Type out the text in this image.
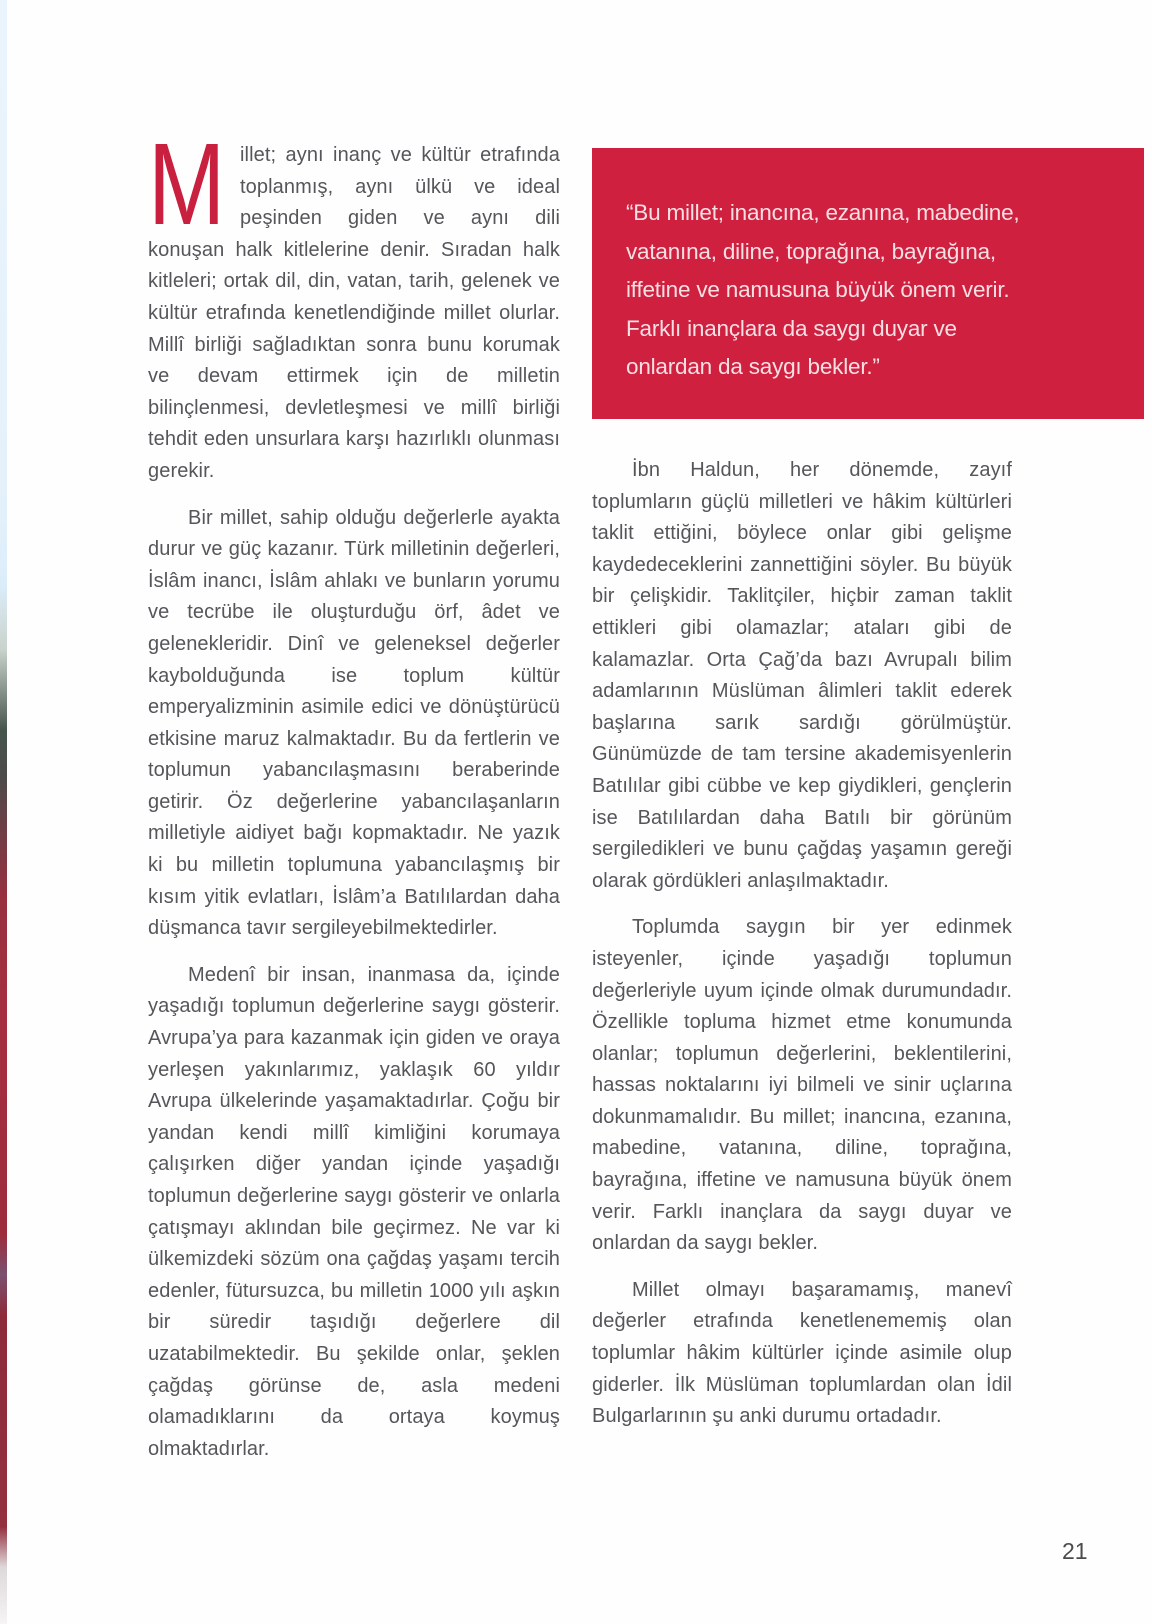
Millet; aynı inanç ve kültür etrafında toplanmış, aynı ülkü ve ideal peşinden giden ve aynı dili konuşan halk kitlelerine denir. Sıradan halk kitleleri; ortak dil, din, vatan, tarih, gelenek ve kültür etrafında kenetlendiğinde millet olurlar. Millî birliği sağladıktan sonra bunu korumak ve devam ettirmek için de milletin bilinçlenmesi, devletleşmesi ve millî birliği tehdit eden unsurlara karşı hazırlıklı olunması gerekir.

Bir millet, sahip olduğu değerlerle ayakta durur ve güç kazanır. Türk milletinin değerleri, İslâm inancı, İslâm ahlakı ve bunların yorumu ve tecrübe ile oluşturduğu örf, âdet ve gelenekleridir. Dinî ve geleneksel değerler kaybolduğunda ise toplum kültür emperyalizminin asimile edici ve dönüştürücü etkisine maruz kalmaktadır. Bu da fertlerin ve toplumun yabancılaşmasını beraberinde getirir. Öz değerlerine yabancılaşanların milletiyle aidiyet bağı kopmaktadır. Ne yazık ki bu milletin toplumuna yabancılaşmış bir kısım yitik evlatları, İslâm’a Batılılardan daha düşmanca tavır sergileyebilmektedirler.

Medenî bir insan, inanmasa da, içinde yaşadığı toplumun değerlerine saygı gösterir. Avrupa’ya para kazanmak için giden ve oraya yerleşen yakınlarımız, yaklaşık 60 yıldır Avrupa ülkelerinde yaşamaktadırlar. Çoğu bir yandan kendi millî kimliğini korumaya çalışırken diğer yandan içinde yaşadığı toplumun değerlerine saygı gösterir ve onlarla çatışmayı aklından bile geçirmez. Ne var ki ülkemizdeki sözüm ona çağdaş yaşamı tercih edenler, fütursuzca, bu milletin 1000 yılı aşkın bir süredir taşıdığı değerlere dil uzatabilmektedir. Bu şekilde onlar, şeklen çağdaş görünse de, asla medeni olamadıklarını da ortaya koymuş olmaktadırlar.

“Bu millet; inancına, ezanına, mabedine, vatanına, diline, toprağına, bayrağına, iffetine ve namusuna büyük önem verir. Farklı inançlara da saygı duyar ve onlardan da saygı bekler.”

İbn Haldun, her dönemde, zayıf toplumların güçlü milletleri ve hâkim kültürleri taklit ettiğini, böylece onlar gibi gelişme kaydedeceklerini zannettiğini söyler. Bu büyük bir çelişkidir. Taklitçiler, hiçbir zaman taklit ettikleri gibi olamazlar; ataları gibi de kalamazlar. Orta Çağ’da bazı Avrupalı bilim adamlarının Müslüman âlimleri taklit ederek başlarına sarık sardığı görülmüştür. Günümüzde de tam tersine akademisyenlerin Batılılar gibi cübbe ve kep giydikleri, gençlerin ise Batılılardan daha Batılı bir görünüm sergiledikleri ve bunu çağdaş yaşamın gereği olarak gördükleri anlaşılmaktadır.

Toplumda saygın bir yer edinmek isteyenler, içinde yaşadığı toplumun değerleriyle uyum içinde olmak durumundadır. Özellikle topluma hizmet etme konumunda olanlar; toplumun değerlerini, beklentilerini, hassas noktalarını iyi bilmeli ve sinir uçlarına dokunmamalıdır. Bu millet; inancına, ezanına, mabedine, vatanına, diline, toprağına, bayrağına, iffetine ve namusuna büyük önem verir. Farklı inançlara da saygı duyar ve onlardan da saygı bekler.

Millet olmayı başaramamış, manevî değerler etrafında kenetlenememiş olan toplumlar hâkim kültürler içinde asimile olup giderler. İlk Müslüman toplumlardan olan İdil Bulgarlarının şu anki durumu ortadadır.

21
